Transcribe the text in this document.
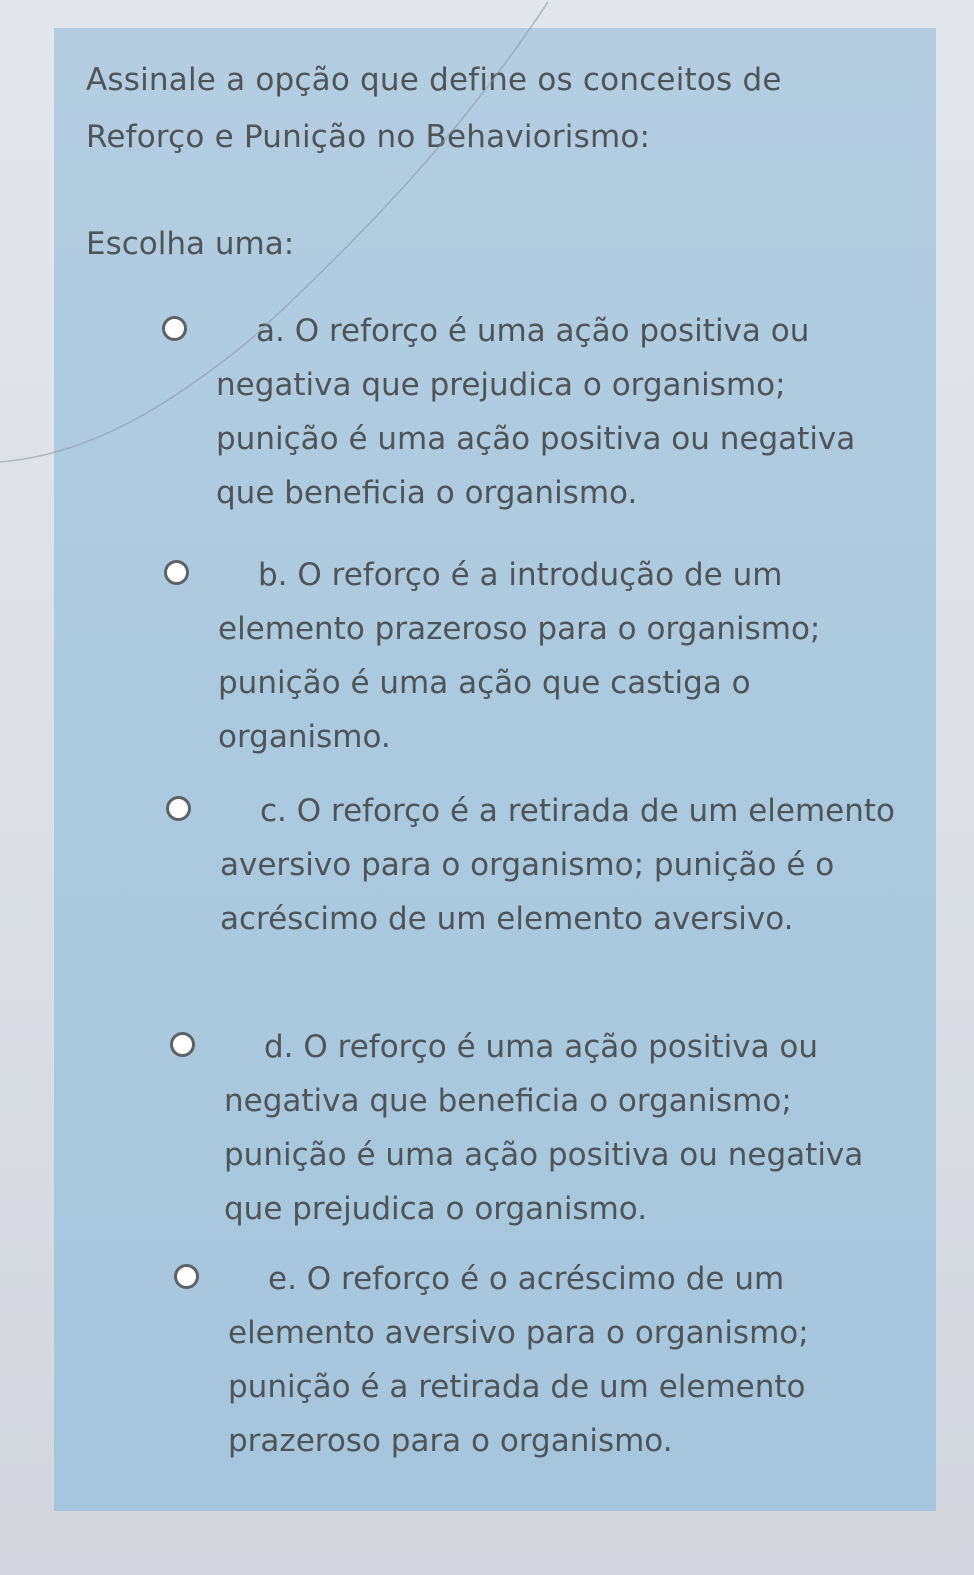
Assinale a opção que define os conceitos de
Reforço e Punição no Behaviorismo:

Escolha uma:

a. O reforço é uma ação positiva ou negativa que prejudica o organismo; punição é uma ação positiva ou negativa que beneficia o organismo.

b. O reforço é a introdução de um elemento prazeroso para o organismo; punição é uma ação que castiga o organismo.

c. O reforço é a retirada de um elemento aversivo para o organismo; punição é o acréscimo de um elemento aversivo.

d. O reforço é uma ação positiva ou negativa que beneficia o organismo; punição é uma ação positiva ou negativa que prejudica o organismo.

e. O reforço é o acréscimo de um elemento aversivo para o organismo; punição é a retirada de um elemento prazeroso para o organismo.
